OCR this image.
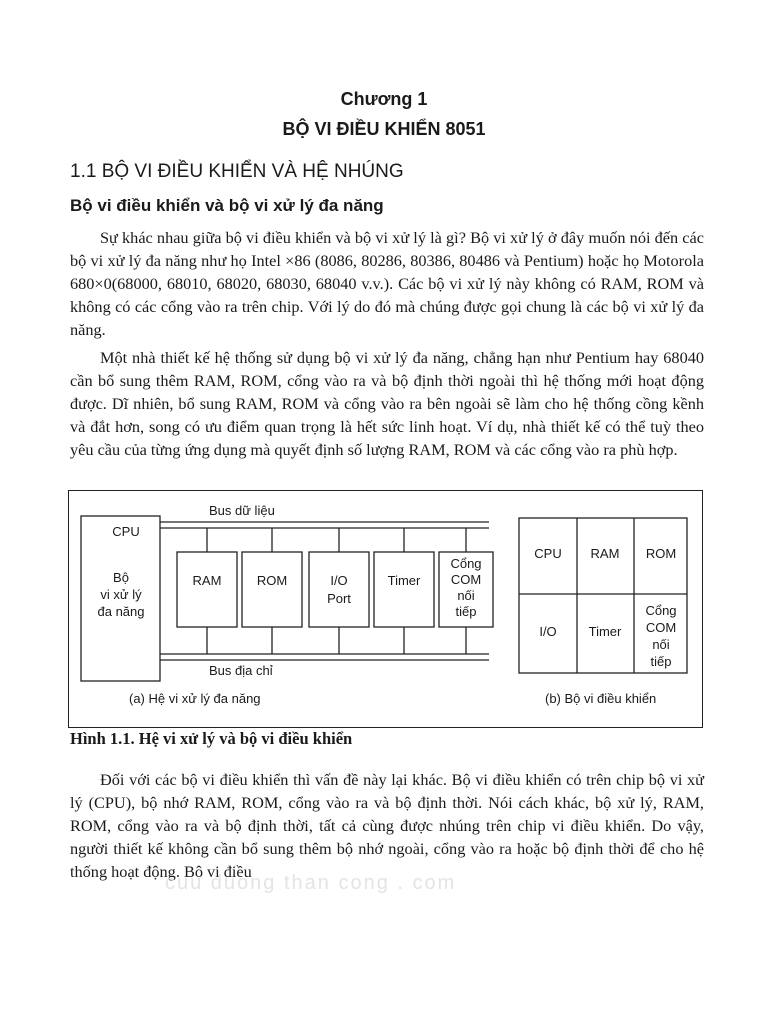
Chương 1
BỘ VI ĐIỀU KHIỂN 8051
1.1 BỘ VI ĐIỀU KHIỂN VÀ HỆ NHÚNG
Bộ vi điều khiển và bộ vi xử lý đa năng

Sự khác nhau giữa bộ vi điều khiển và bộ vi xử lý là gì? Bộ vi xử lý ở đây muốn nói đến các bộ vi xử lý đa năng như họ Intel ×86 (8086, 80286, 80386, 80486 và Pentium) hoặc họ Motorola 680×0(68000, 68010, 68020, 68030, 68040 v.v.). Các bộ vi xử lý này không có RAM, ROM và không có các cổng vào ra trên chip. Với lý do đó mà chúng được gọi chung là các bộ vi xử lý đa năng.

Một nhà thiết kế hệ thống sử dụng bộ vi xử lý đa năng, chẳng hạn như Pentium hay 68040 cần bổ sung thêm RAM, ROM, cổng vào ra và bộ định thời ngoài thì hệ thống mới hoạt động được. Dĩ nhiên, bổ sung RAM, ROM và cổng vào ra bên ngoài sẽ làm cho hệ thống cồng kềnh và đắt hơn, song có ưu điểm quan trọng là hết sức linh hoạt. Ví dụ, nhà thiết kế có thể tuỳ theo yêu cầu của từng ứng dụng mà quyết định số lượng RAM, ROM và các cổng vào ra phù hợp.

CPU
Bộ
vi xử lý
đa năng
Bus dữ liệu
Bus địa chỉ
RAM	ROM	I/O
Port
Timer
Cổng
COM
nối
tiếp
(a) Hệ vi xử lý đa năng
CPU RAM ROM
I/O Timer
Cổng
COM
nối
tiếp
(b) Bộ vi điều khiển
Hình 1.1. Hệ vi xử lý và bộ vi điều khiển

Đối với các bộ vi điều khiển thì vấn đề này lại khác. Bộ vi điều khiển có trên chip bộ vi xử lý (CPU), bộ nhớ RAM, ROM, cổng vào ra và bộ định thời. Nói cách khác, bộ xử lý, RAM, ROM, cổng vào ra và bộ định thời, tất cả cùng được nhúng trên chip vi điều khiển. Do vậy, người thiết kế không cần bổ sung thêm bộ nhớ ngoài, cổng vào ra hoặc bộ định thời để cho hệ thống hoạt động. Bộ vi điều

cuu duong than cong . com
